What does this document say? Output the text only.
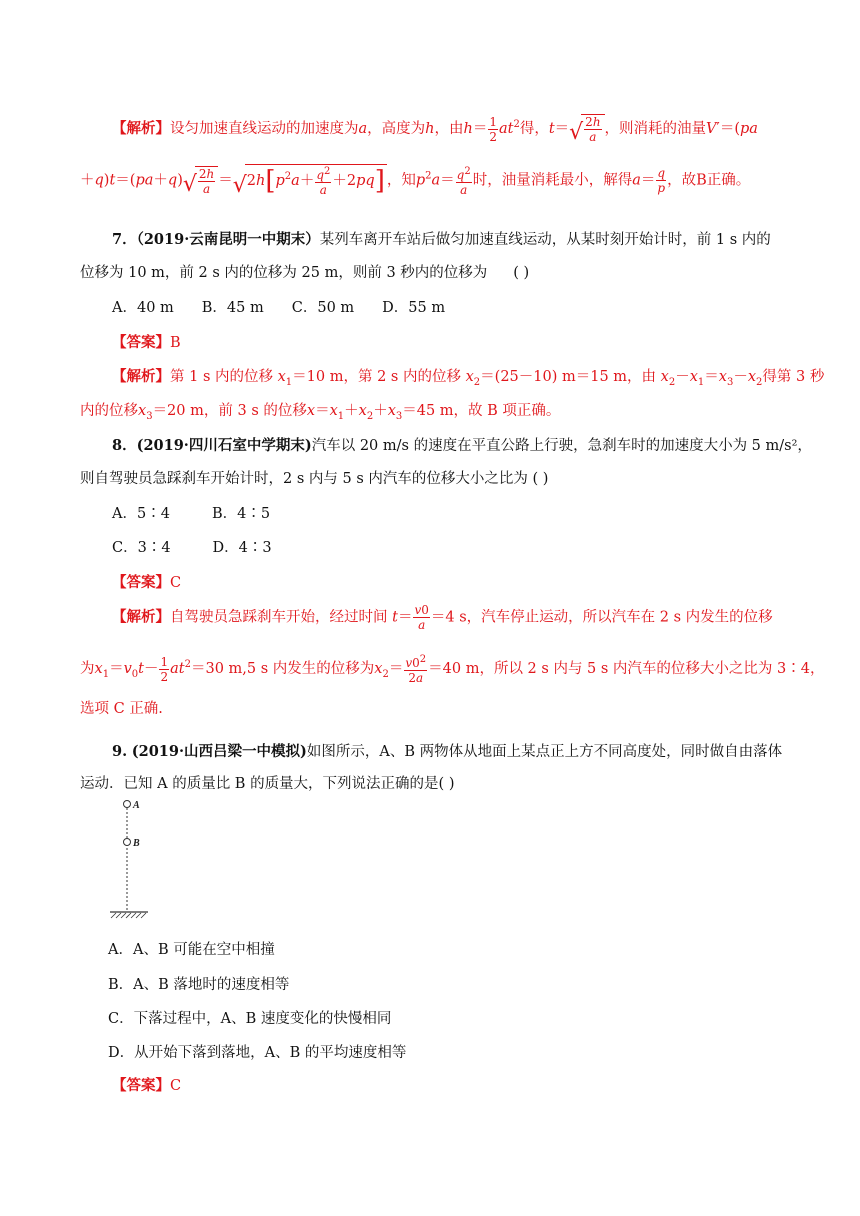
【解析】设匀加速直线运动的加速度为a，高度为h，由$h= \frac{1}{2} at^2$得，t＝ √ $\frac{2h}{a}$ ，则消耗的油量V′＝(pa
＋q)t＝(pa＋q) √ $\frac{2h}{a}$ ＝ √ $2h[p^2a+ \frac{q^2}{a} +2pq]$ ，知$p^2a= \frac{q^2}{a}$ 时，油量消耗最小，解得$a= \frac{q}{p}$ ，故B正确。
7．（2019·云南昆明一中期末）某列车离开车站后做匀加速直线运动，从某时刻开始计时，前 1 s 内的
位移为 10 m，前 2 s 内的位移为 25 m，则前 3 秒内的位移为 ( )
A．40 m B．45 m C．50 m D．55 m
【答案】B
【解析】第 1 s 内的位移 $x_1=10$ m，第 2 s 内的位移 $x_2=(25-10)$ m＝15 m，由 $x_2-x_1=x_3-x_2$得第 3 秒
内的位移$x_3=20$ m，前 3 s 的位移$x=x_1+x_2+x_3=45$ m，故 B 项正确。
8．(2019·四川石室中学期末)汽车以 20 m/s 的速度在平直公路上行驶，急刹车时的加速度大小为 5 m/s²，
则自驾驶员急踩刹车开始计时，2 s 内与 5 s 内汽车的位移大小之比为 ( )
A．5∶4	B．4∶5
C．3∶4	D．4∶3
【答案】C
【解析】自驾驶员急踩刹车开始，经过时间 $t= \frac{v0}{a} =4$ s，汽车停止运动，所以汽车在 2 s 内发生的位移
为$x_1=v_0t- \frac{1}{2} at^2=30$ m,5 s 内发生的位移为$x_2= \frac{v0^2}{2a} =40$ m，所以 2 s 内与 5 s 内汽车的位移大小之比为 3∶4，
选项 C 正确.
9. (2019·山西吕梁一中模拟)如图所示，A、B 两物体从地面上某点正上方不同高度处，同时做自由落体
运动．已知 A 的质量比 B 的质量大，下列说法正确的是( )
A
B
A．A、B 可能在空中相撞
B．A、B 落地时的速度相等
C．下落过程中，A、B 速度变化的快慢相同
D．从开始下落到落地，A、B 的平均速度相等
【答案】C
